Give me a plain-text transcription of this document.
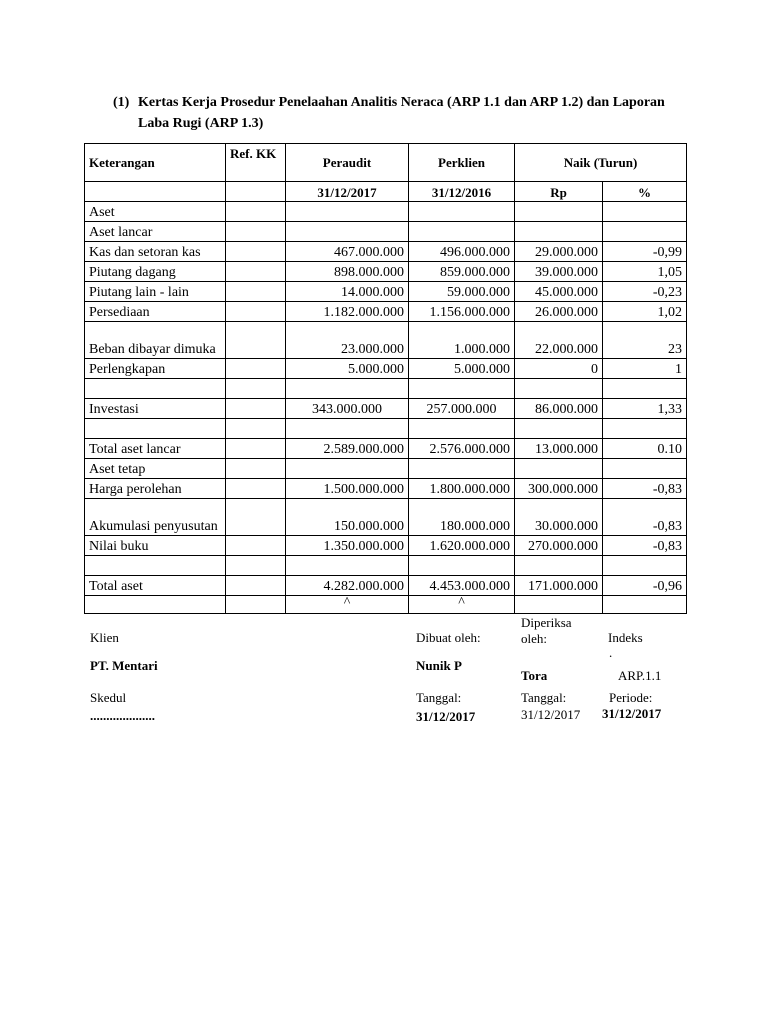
(1) Kertas Kerja Prosedur Penelaahan Analitis Neraca (ARP 1.1 dan ARP 1.2) dan Laporan Laba Rugi (ARP 1.3)
Keterangan	Ref. KK	Peraudit	Perklien	Naik (Turun)	
		31/12/2017	31/12/2016	Rp	%
Aset					
Aset lancar					
Kas dan setoran kas		467.000.000	496.000.000	29.000.000	-0,99
Piutang dagang		898.000.000	859.000.000	39.000.000	1,05
Piutang lain - lain		14.000.000	59.000.000	45.000.000	-0,23
Persediaan		1.182.000.000	1.156.000.000	26.000.000	1,02
Beban dibayar dimuka		23.000.000	1.000.000	22.000.000	23
Perlengkapan		5.000.000	5.000.000	0	1

Investasi		343.000.000	257.000.000	86.000.000	1,33

Total aset lancar		2.589.000.000	2.576.000.000	13.000.000	0.10
Aset tetap					
Harga perolehan		1.500.000.000	1.800.000.000	300.000.000	-0,83
Akumulasi penyusutan		150.000.000	180.000.000	30.000.000	-0,83
Nilai buku		1.350.000.000	1.620.000.000	270.000.000	-0,83

Total aset		4.282.000.000	4.453.000.000	171.000.000	-0,96
		^	^		
Klien
PT. Mentari
Skedul
....................
Dibuat oleh:
Nunik P
Tanggal:
31/12/2017
Diperiksa
oleh:
Tora
Tanggal:
31/12/2017
Indeks
.
ARP.1.1
Periode:
31/12/2017
